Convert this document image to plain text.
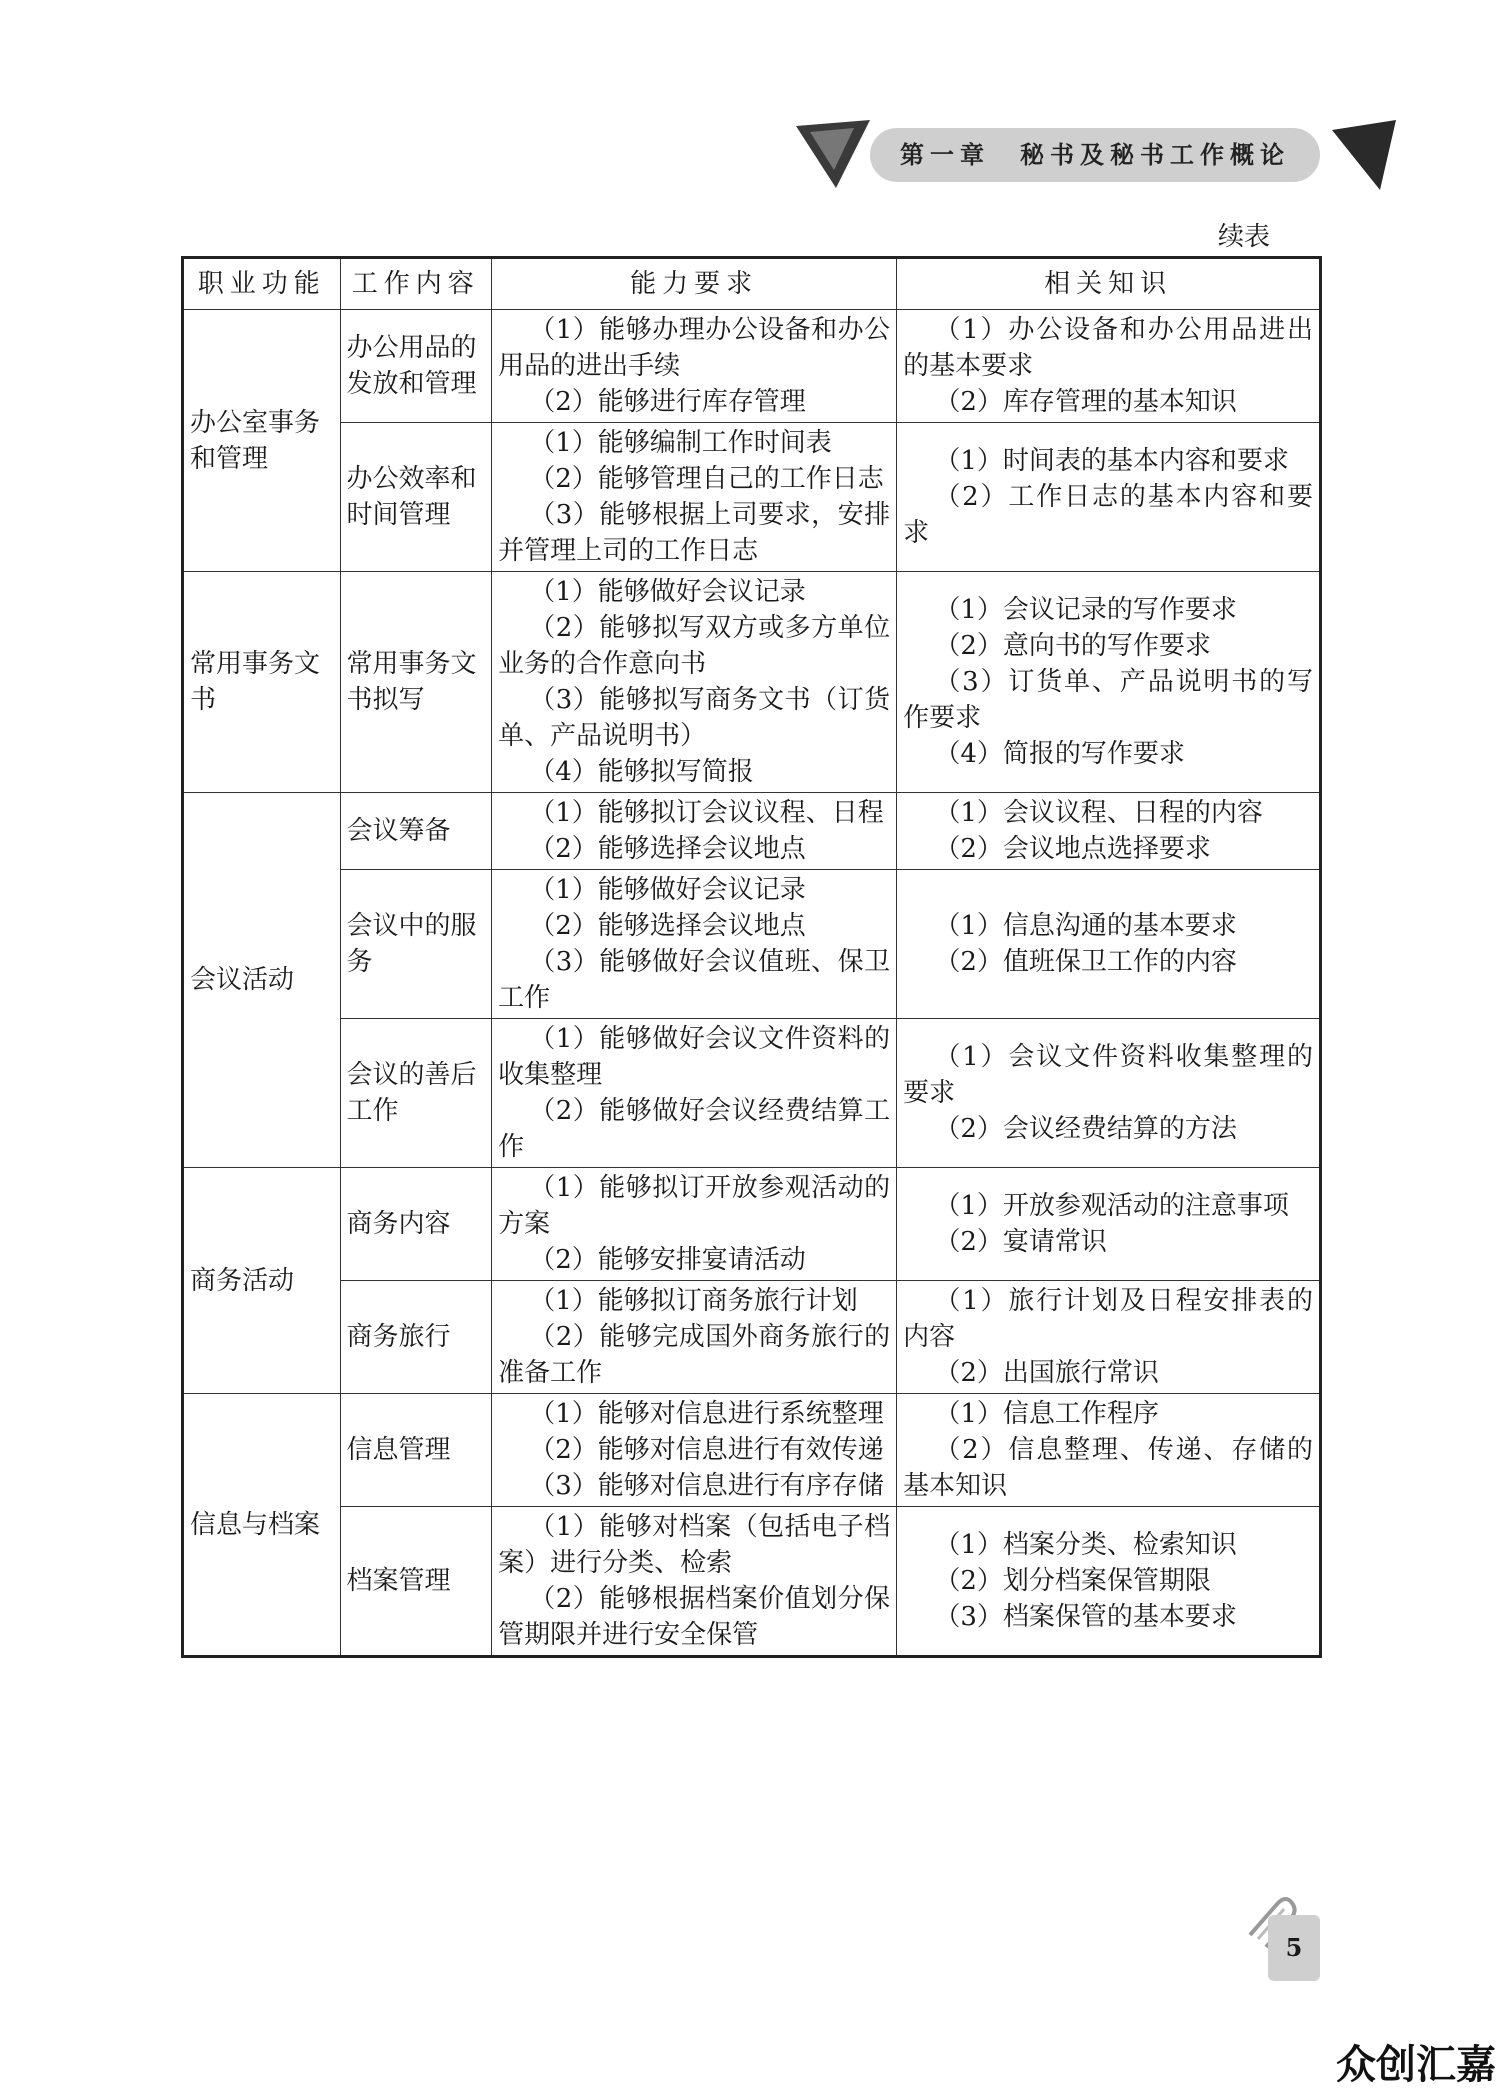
第一章　秘书及秘书工作概论
续表
职业功能	工作内容	能力要求	相关知识
办公室事务和管理	办公用品的发放和管理	（1）能够办理办公设备和办公用品的进出手续
（2）能够进行库存管理	（1）办公设备和办公用品进出的基本要求
（2）库存管理的基本知识

	办公效率和时间管理	（1）能够编制工作时间表
（2）能够管理自己的工作日志
（3）能够根据上司要求，安排并管理上司的工作日志	（1）时间表的基本内容和要求
（2）工作日志的基本内容和要求

常用事务文书	常用事务文书拟写	（1）能够做好会议记录
（2）能够拟写双方或多方单位业务的合作意向书
（3）能够拟写商务文书（订货单、产品说明书）
（4）能够拟写简报	（1）会议记录的写作要求
（2）意向书的写作要求
（3）订货单、产品说明书的写作要求
（4）简报的写作要求

会议活动	会议筹备	（1）能够拟订会议议程、日程
（2）能够选择会议地点	（1）会议议程、日程的内容
（2）会议地点选择要求

	会议中的服务	（1）能够做好会议记录
（2）能够选择会议地点
（3）能够做好会议值班、保卫工作	（1）信息沟通的基本要求
（2）值班保卫工作的内容

	会议的善后工作	（1）能够做好会议文件资料的收集整理
（2）能够做好会议经费结算工作	（1）会议文件资料收集整理的要求
（2）会议经费结算的方法

商务活动	商务内容	（1）能够拟订开放参观活动的方案
（2）能够安排宴请活动	（1）开放参观活动的注意事项
（2）宴请常识

	商务旅行	（1）能够拟订商务旅行计划
（2）能够完成国外商务旅行的准备工作	（1）旅行计划及日程安排表的内容
（2）出国旅行常识

信息与档案	信息管理	（1）能够对信息进行系统整理
（2）能够对信息进行有效传递
（3）能够对信息进行有序存储	（1）信息工作程序
（2）信息整理、传递、存储的基本知识

	档案管理	（1）能够对档案（包括电子档案）进行分类、检索
（2）能够根据档案价值划分保管期限并进行安全保管	（1）档案分类、检索知识
（2）划分档案保管期限
（3）档案保管的基本要求
5
众创汇嘉
